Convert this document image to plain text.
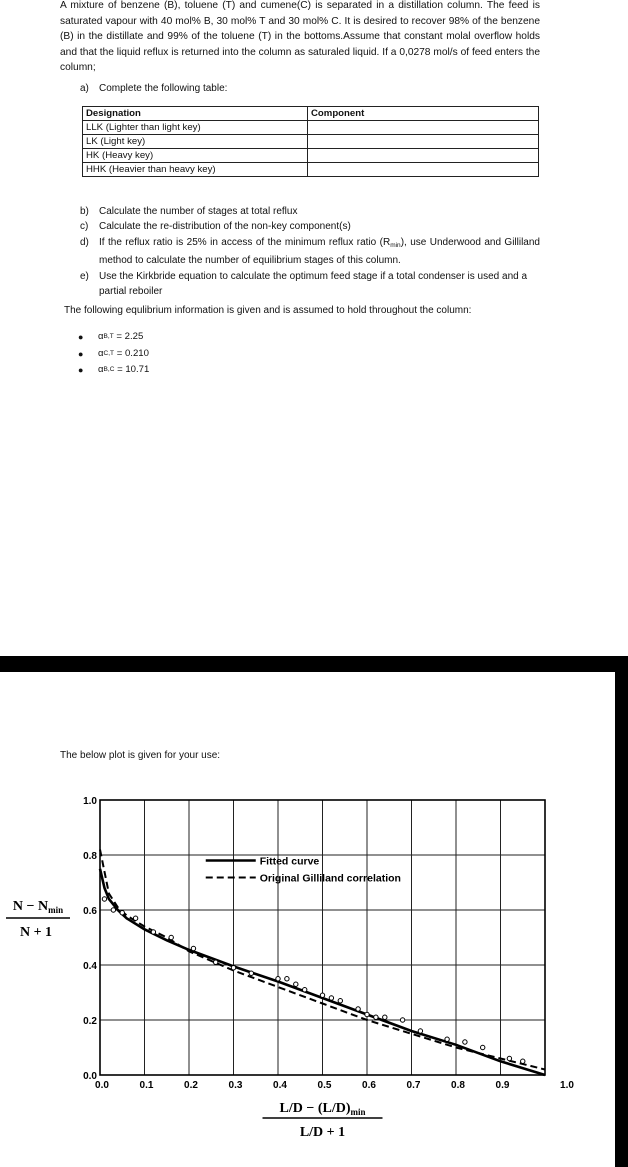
A mixture of benzene (B), toluene (T) and cumene(C) is separated in a distillation column. The feed is saturated vapour with 40 mol% B, 30 mol% T and 30 mol% C. It is desired to recover 98% of the benzene (B) in the distillate and 99% of the toluene (T) in the bottoms.Assume that constant molal overflow holds and that the liquid reflux is returned into the column as saturaled liquid. If a 0,0278 mol/s of feed enters the column;
a)	Complete the following table:
Designation	Component
LLK (Lighter than light key)	
LK (Light key)	
HK (Heavy key)	
HHK (Heavier than heavy key)	
b)	Calculate the number of stages at total reflux
c)	Calculate the re-distribution of the non-key component(s)
d)	If the reflux ratio is 25% in access of the minimum reflux ratio $(R_{min})$, use Underwood and Gilliland method to calculate the number of equilibrium stages of this column.
e)	Use the Kirkbride equation to calculate the optimum feed stage if a total condenser is used and a partial reboiler
The following equlibrium information is given and is assumed to hold throughout the column:
●	α B,T
= 2.25
●	α C,T
= 0.210
●	α B,C
= 10.71
The below plot is given for your use:
0.0	0.1	0.2	0.3	0.4	0.5	0.6	0.7	0.8	0.9	1.0
0.0
0.2
0.4
0.6
0.8
1.0
Fitted curve
Original Gilliland correlation
$L/D - (L/D)_{min}$
L/D + 1
$N - N_{min}$
N + 1
